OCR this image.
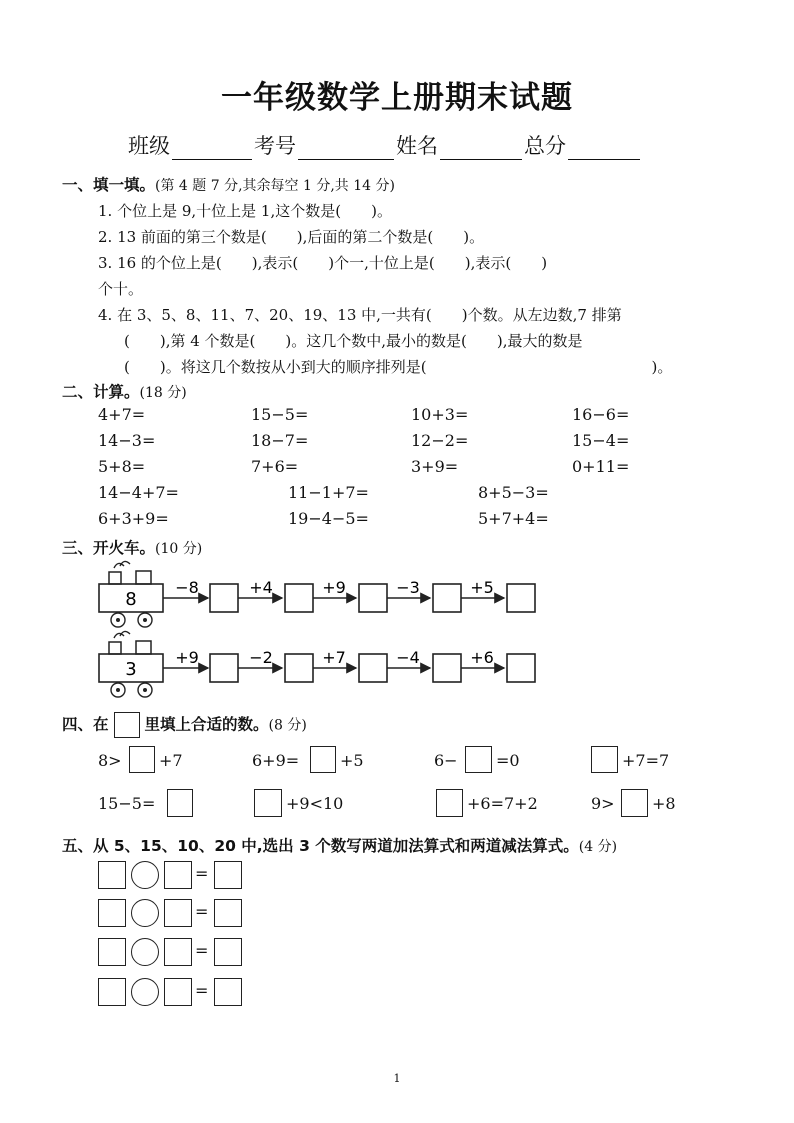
一年级数学上册期末试题
班级	考号	姓名	总分
一、填一填。(第 4 题 7 分,其余每空 1 分,共 14 分)
1. 个位上是 9,十位上是 1,这个数是(　　)。
2. 13 前面的第三个数是(　　),后面的第二个数是(　　)。
3. 16 的个位上是(　　),表示(　　)个一,十位上是(　　),表示(　　)
个十。
4. 在 3、5、8、11、7、20、19、13 中,一共有(　　)个数。从左边数,7 排第
(　　),第 4 个数是(　　)。这几个数中,最小的数是(　　),最大的数是
(　　)。将这几个数按从小到大的顺序排列是(　　　　　　　　　　　　　　　)。
二、计算。(18 分)
4+7=	15−5=	10+3=	16−6=
14−3=	18−7=	12−2=	15−4=
5+8=	7+6=	3+9=	0+11=
14−4+7=	11−1+7=	8+5−3=
6+3+9=	19−4−5=	5+7+4=
三、开火车。(10 分)
8
−8	+4	+9	−3	+5
3
+9	−2	+7	−4	+6
四、在 里填上合适的数。(8 分)
8> +7	6+9=	+5	6− =0	+7=7
15−5=	+9<10	+6=7+2	9> +8
五、从 5、15、10、20 中,选出 3 个数写两道加法算式和两道减法算式。(4 分)
=
=
=
=
1
